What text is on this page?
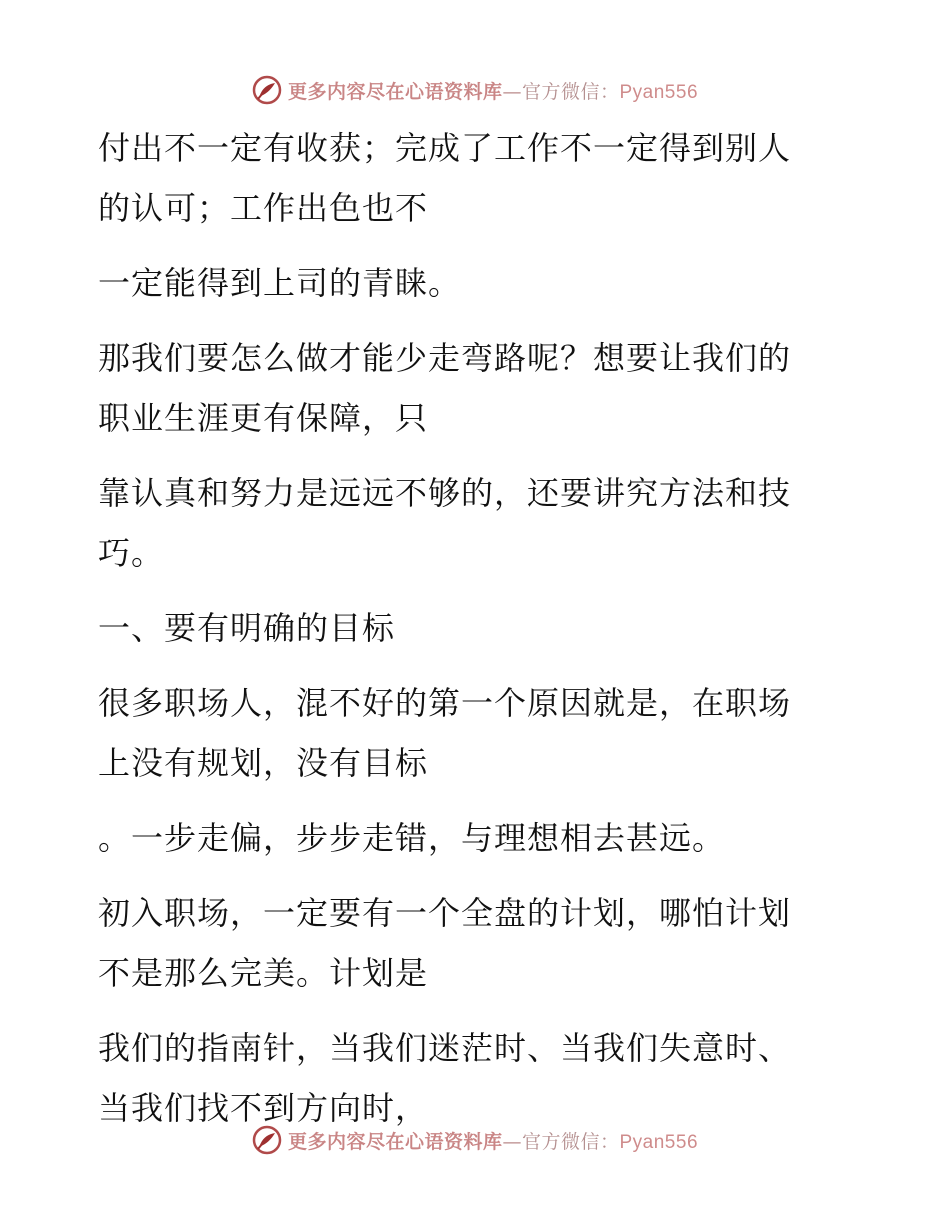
更多内容尽在心语资料库—官方微信：Pyan556
付出不一定有收获；完成了工作不一定得到别人
的认可；工作出色也不
一定能得到上司的青睐。
那我们要怎么做才能少走弯路呢？想要让我们的
职业生涯更有保障，只
靠认真和努力是远远不够的，还要讲究方法和技
巧。
一、要有明确的目标
很多职场人，混不好的第一个原因就是，在职场
上没有规划，没有目标
。一步走偏，步步走错，与理想相去甚远。
初入职场，一定要有一个全盘的计划，哪怕计划
不是那么完美。计划是
我们的指南针，当我们迷茫时、当我们失意时、
当我们找不到方向时，
更多内容尽在心语资料库—官方微信：Pyan556
